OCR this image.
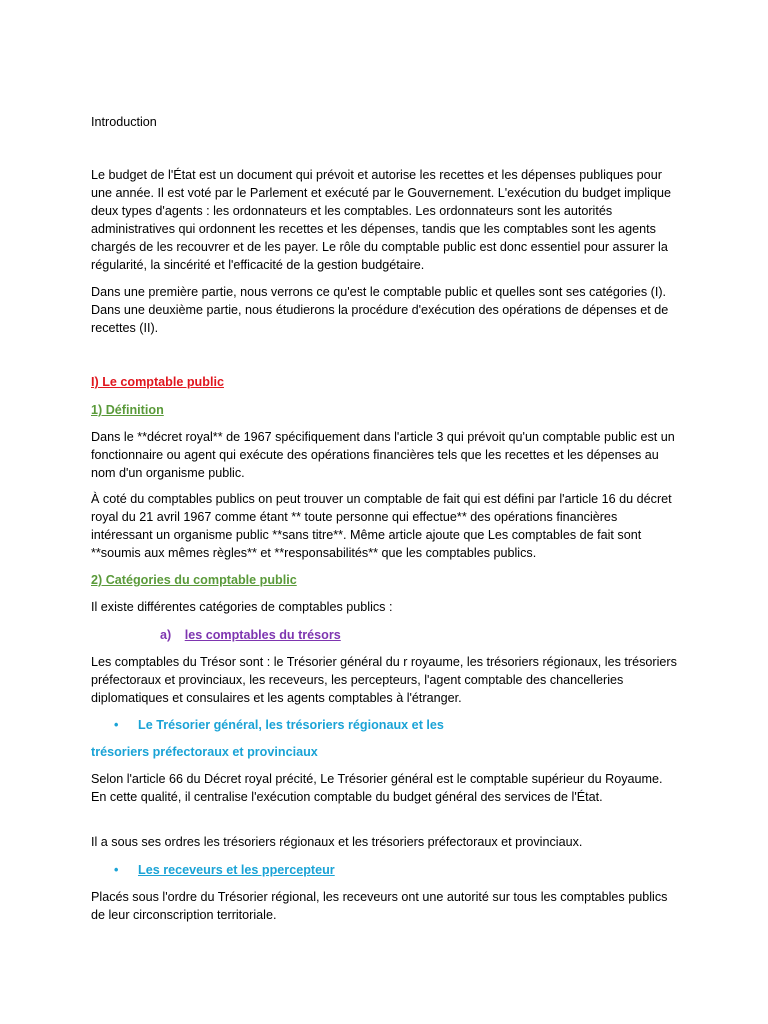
Introduction

Le budget de l'État est un document qui prévoit et autorise les recettes et les dépenses publiques pour une année. Il est voté par le Parlement et exécuté par le Gouvernement. L'exécution du budget implique deux types d'agents : les ordonnateurs et les comptables. Les ordonnateurs sont les autorités administratives qui ordonnent les recettes et les dépenses, tandis que les comptables sont les agents chargés de les recouvrer et de les payer. Le rôle du comptable public est donc essentiel pour assurer la régularité, la sincérité et l'efficacité de la gestion budgétaire.

Dans une première partie, nous verrons ce qu'est le comptable public et quelles sont ses catégories (I). Dans une deuxième partie, nous étudierons la procédure d'exécution des opérations de dépenses et de recettes (II).

I) Le comptable public

1) Définition

Dans le **décret royal** de 1967 spécifiquement dans l'article 3 qui prévoit qu'un comptable public est un fonctionnaire ou agent qui exécute des opérations financières tels que les recettes et les dépenses au nom d'un organisme public.

À coté du comptables publics on peut trouver un comptable de fait qui est défini par l'article 16 du décret royal du 21 avril 1967 comme étant ** toute personne qui effectue** des opérations financières intéressant un organisme public **sans titre**. Même article ajoute que Les comptables de fait sont **soumis aux mêmes règles** et **responsabilités** que les comptables publics.

2) Catégories du comptable public

Il existe différentes catégories de comptables publics :

a) les comptables du trésors

Les comptables du Trésor sont : le Trésorier général du r royaume, les trésoriers régionaux, les trésoriers préfectoraux et provinciaux, les receveurs, les percepteurs, l'agent comptable des chancelleries diplomatiques et consulaires et les agents comptables à l'étranger.

•	Le Trésorier général, les trésoriers régionaux et les

trésoriers préfectoraux et provinciaux

Selon l'article 66 du Décret royal précité, Le Trésorier général est le comptable supérieur du Royaume. En cette qualité, il centralise l'exécution comptable du budget général des services de l'État.

Il a sous ses ordres les trésoriers régionaux et les trésoriers préfectoraux et provinciaux.

•	Les receveurs et les ppercepteur

Placés sous l'ordre du Trésorier régional, les receveurs ont une autorité sur tous les comptables publics de leur circonscription territoriale.
